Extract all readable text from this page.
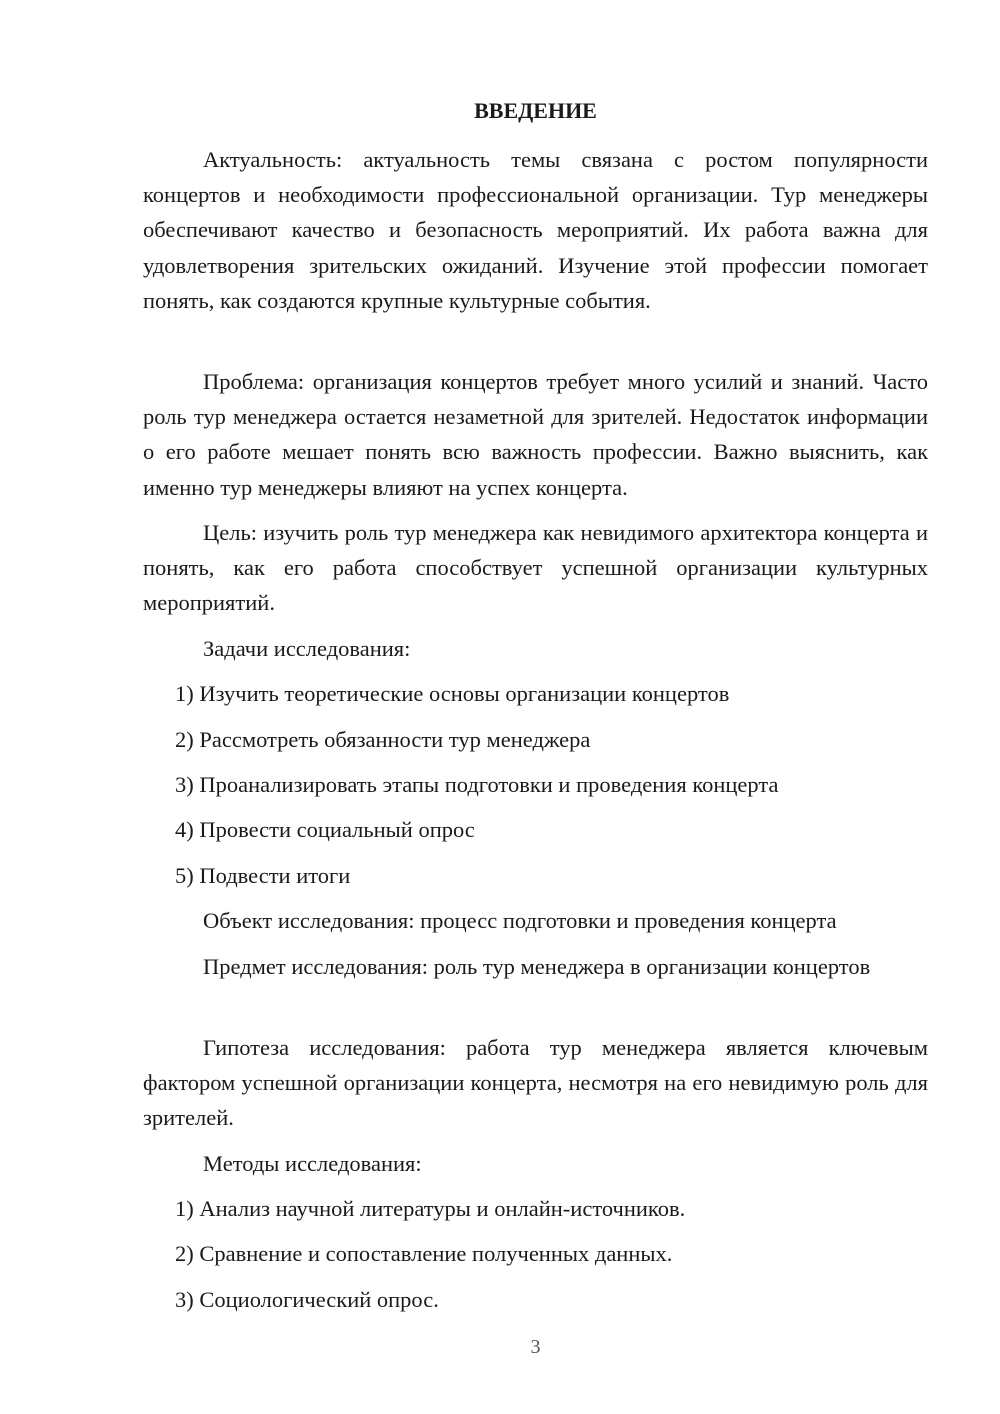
ВВЕДЕНИЕ

Актуальность: актуальность темы связана с ростом популярности концертов и необходимости профессиональной организации. Тур менеджеры обеспечивают качество и безопасность мероприятий. Их работа важна для удовлетворения зрительских ожиданий. Изучение этой профессии помогает понять, как создаются крупные культурные события.

Проблема: организация концертов требует много усилий и знаний. Часто роль тур менеджера остается незаметной для зрителей. Недостаток информации о его работе мешает понять всю важность профессии. Важно выяснить, как именно тур менеджеры влияют на успех концерта.

Цель: изучить роль тур менеджера как невидимого архитектора концерта и понять, как его работа способствует успешной организации культурных мероприятий.

Задачи исследования:

1) Изучить теоретические основы организации концертов

2) Рассмотреть обязанности тур менеджера

3) Проанализировать этапы подготовки и проведения концерта

4) Провести социальный опрос

5) Подвести итоги

Объект исследования: процесс подготовки и проведения концерта

Предмет исследования: роль тур менеджера в организации концертов

Гипотеза исследования: работа тур менеджера является ключевым фактором успешной организации концерта, несмотря на его невидимую роль для зрителей.

Методы исследования:

1) Анализ научной литературы и онлайн-источников.

2) Сравнение и сопоставление полученных данных.

3) Социологический опрос.

3
